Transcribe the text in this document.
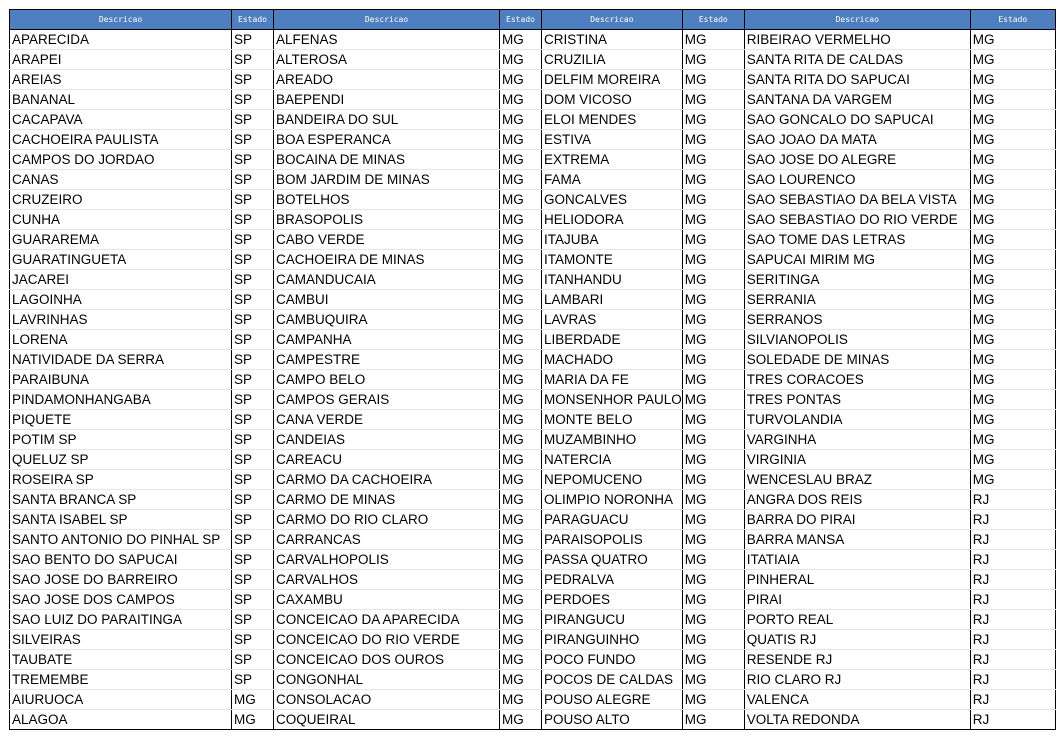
Descricao	Estado	Descricao	Estado	Descricao	Estado	Descricao	Estado
APARECIDA	SP	ALFENAS	MG	CRISTINA	MG	RIBEIRAO VERMELHO	MG
ARAPEI	SP	ALTEROSA	MG	CRUZILIA	MG	SANTA RITA DE CALDAS	MG
AREIAS	SP	AREADO	MG	DELFIM MOREIRA	MG	SANTA RITA DO SAPUCAI	MG
BANANAL	SP	BAEPENDI	MG	DOM VICOSO	MG	SANTANA DA VARGEM	MG
CACAPAVA	SP	BANDEIRA DO SUL	MG	ELOI MENDES	MG	SAO GONCALO DO SAPUCAI	MG
CACHOEIRA PAULISTA	SP	BOA ESPERANCA	MG	ESTIVA	MG	SAO JOAO DA MATA	MG
CAMPOS DO JORDAO	SP	BOCAINA DE MINAS	MG	EXTREMA	MG	SAO JOSE DO ALEGRE	MG
CANAS	SP	BOM JARDIM DE MINAS	MG	FAMA	MG	SAO LOURENCO	MG
CRUZEIRO	SP	BOTELHOS	MG	GONCALVES	MG	SAO SEBASTIAO DA BELA VISTA	MG
CUNHA	SP	BRASOPOLIS	MG	HELIODORA	MG	SAO SEBASTIAO DO RIO VERDE	MG
GUARAREMA	SP	CABO VERDE	MG	ITAJUBA	MG	SAO TOME DAS LETRAS	MG
GUARATINGUETA	SP	CACHOEIRA DE MINAS	MG	ITAMONTE	MG	SAPUCAI MIRIM MG	MG
JACAREI	SP	CAMANDUCAIA	MG	ITANHANDU	MG	SERITINGA	MG
LAGOINHA	SP	CAMBUI	MG	LAMBARI	MG	SERRANIA	MG
LAVRINHAS	SP	CAMBUQUIRA	MG	LAVRAS	MG	SERRANOS	MG
LORENA	SP	CAMPANHA	MG	LIBERDADE	MG	SILVIANOPOLIS	MG
NATIVIDADE DA SERRA	SP	CAMPESTRE	MG	MACHADO	MG	SOLEDADE DE MINAS	MG
PARAIBUNA	SP	CAMPO BELO	MG	MARIA DA FE	MG	TRES CORACOES	MG
PINDAMONHANGABA	SP	CAMPOS GERAIS	MG	MONSENHOR PAULO	MG	TRES PONTAS	MG
PIQUETE	SP	CANA VERDE	MG	MONTE BELO	MG	TURVOLANDIA	MG
POTIM SP	SP	CANDEIAS	MG	MUZAMBINHO	MG	VARGINHA	MG
QUELUZ SP	SP	CAREACU	MG	NATERCIA	MG	VIRGINIA	MG
ROSEIRA SP	SP	CARMO DA CACHOEIRA	MG	NEPOMUCENO	MG	WENCESLAU BRAZ	MG
SANTA BRANCA SP	SP	CARMO DE MINAS	MG	OLIMPIO NORONHA	MG	ANGRA DOS REIS	RJ
SANTA ISABEL SP	SP	CARMO DO RIO CLARO	MG	PARAGUACU	MG	BARRA DO PIRAI	RJ
SANTO ANTONIO DO PINHAL SP	SP	CARRANCAS	MG	PARAISOPOLIS	MG	BARRA MANSA	RJ
SAO BENTO DO SAPUCAI	SP	CARVALHOPOLIS	MG	PASSA QUATRO	MG	ITATIAIA	RJ
SAO JOSE DO BARREIRO	SP	CARVALHOS	MG	PEDRALVA	MG	PINHERAL	RJ
SAO JOSE DOS CAMPOS	SP	CAXAMBU	MG	PERDOES	MG	PIRAI	RJ
SAO LUIZ DO PARAITINGA	SP	CONCEICAO DA APARECIDA	MG	PIRANGUCU	MG	PORTO REAL	RJ
SILVEIRAS	SP	CONCEICAO DO RIO VERDE	MG	PIRANGUINHO	MG	QUATIS RJ	RJ
TAUBATE	SP	CONCEICAO DOS OUROS	MG	POCO FUNDO	MG	RESENDE RJ	RJ
TREMEMBE	SP	CONGONHAL	MG	POCOS DE CALDAS	MG	RIO CLARO RJ	RJ
AIURUOCA	MG	CONSOLACAO	MG	POUSO ALEGRE	MG	VALENCA	RJ
ALAGOA	MG	COQUEIRAL	MG	POUSO ALTO	MG	VOLTA REDONDA	RJ
